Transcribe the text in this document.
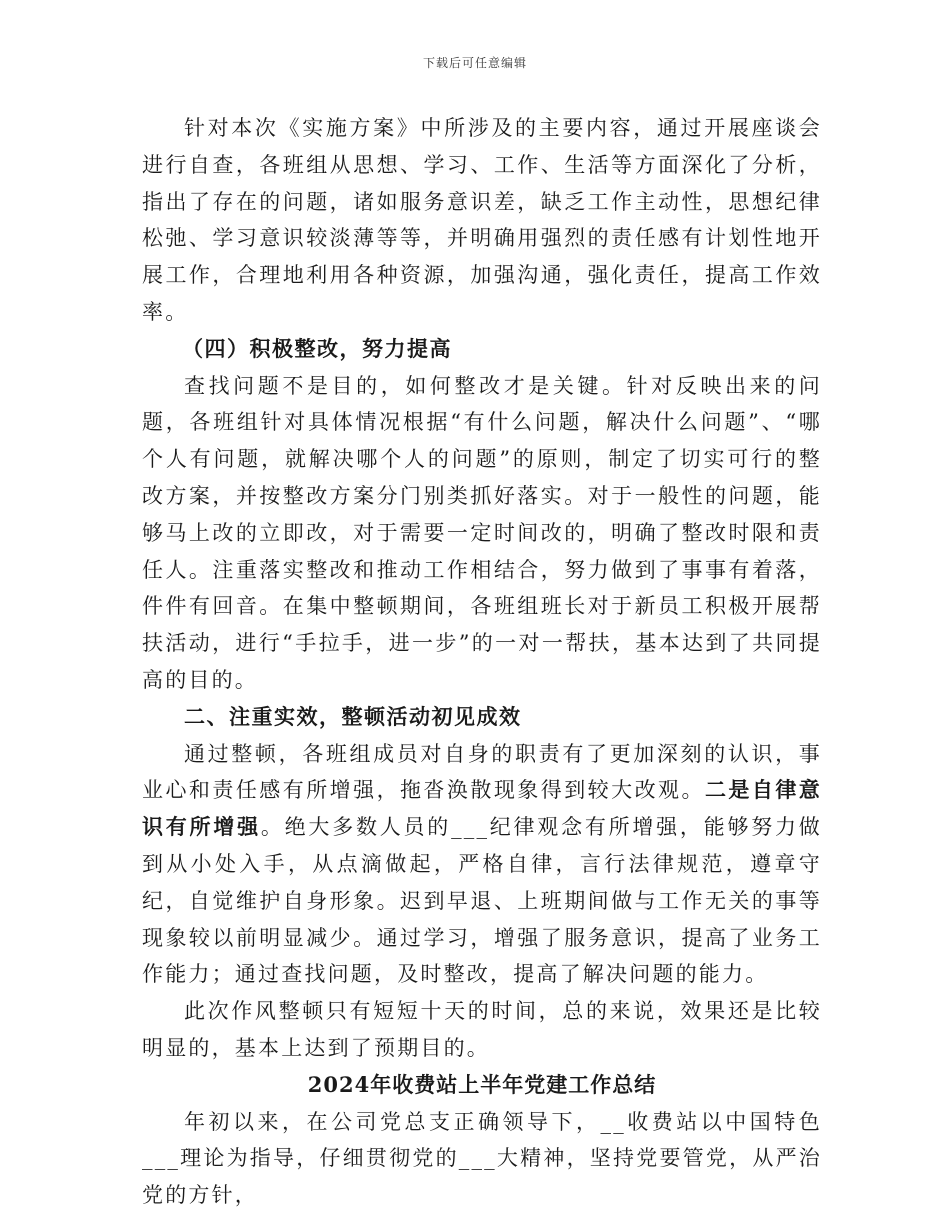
下载后可任意编辑

针对本次《实施方案》中所涉及的主要内容，通过开展座谈会进行自查，各班组从思想、学习、工作、生活等方面深化了分析，指出了存在的问题，诸如服务意识差，缺乏工作主动性，思想纪律松弛、学习意识较淡薄等等，并明确用强烈的责任感有计划性地开展工作，合理地利用各种资源，加强沟通，强化责任，提高工作效率。

（四）积极整改，努力提高

查找问题不是目的，如何整改才是关键。针对反映出来的问题，各班组针对具体情况根据“有什么问题，解决什么问题”、“哪个人有问题，就解决哪个人的问题”的原则，制定了切实可行的整改方案，并按整改方案分门别类抓好落实。对于一般性的问题，能够马上改的立即改，对于需要一定时间改的，明确了整改时限和责任人。注重落实整改和推动工作相结合，努力做到了事事有着落，件件有回音。在集中整顿期间，各班组班长对于新员工积极开展帮扶活动，进行“手拉手，进一步”的一对一帮扶，基本达到了共同提高的目的。

二、注重实效，整顿活动初见成效

通过整顿，各班组成员对自身的职责有了更加深刻的认识，事业心和责任感有所增强，拖沓涣散现象得到较大改观。二是自律意识有所增强。绝大多数人员的___纪律观念有所增强，能够努力做到从小处入手，从点滴做起，严格自律，言行法律规范，遵章守纪，自觉维护自身形象。迟到早退、上班期间做与工作无关的事等现象较以前明显减少。通过学习，增强了服务意识，提高了业务工作能力；通过查找问题，及时整改，提高了解决问题的能力。

此次作风整顿只有短短十天的时间，总的来说，效果还是比较明显的，基本上达到了预期目的。

2024年收费站上半年党建工作总结

年初以来，在公司党总支正确领导下，__收费站以中国特色___理论为指导，仔细贯彻党的___大精神，坚持党要管党，从严治党的方针，
